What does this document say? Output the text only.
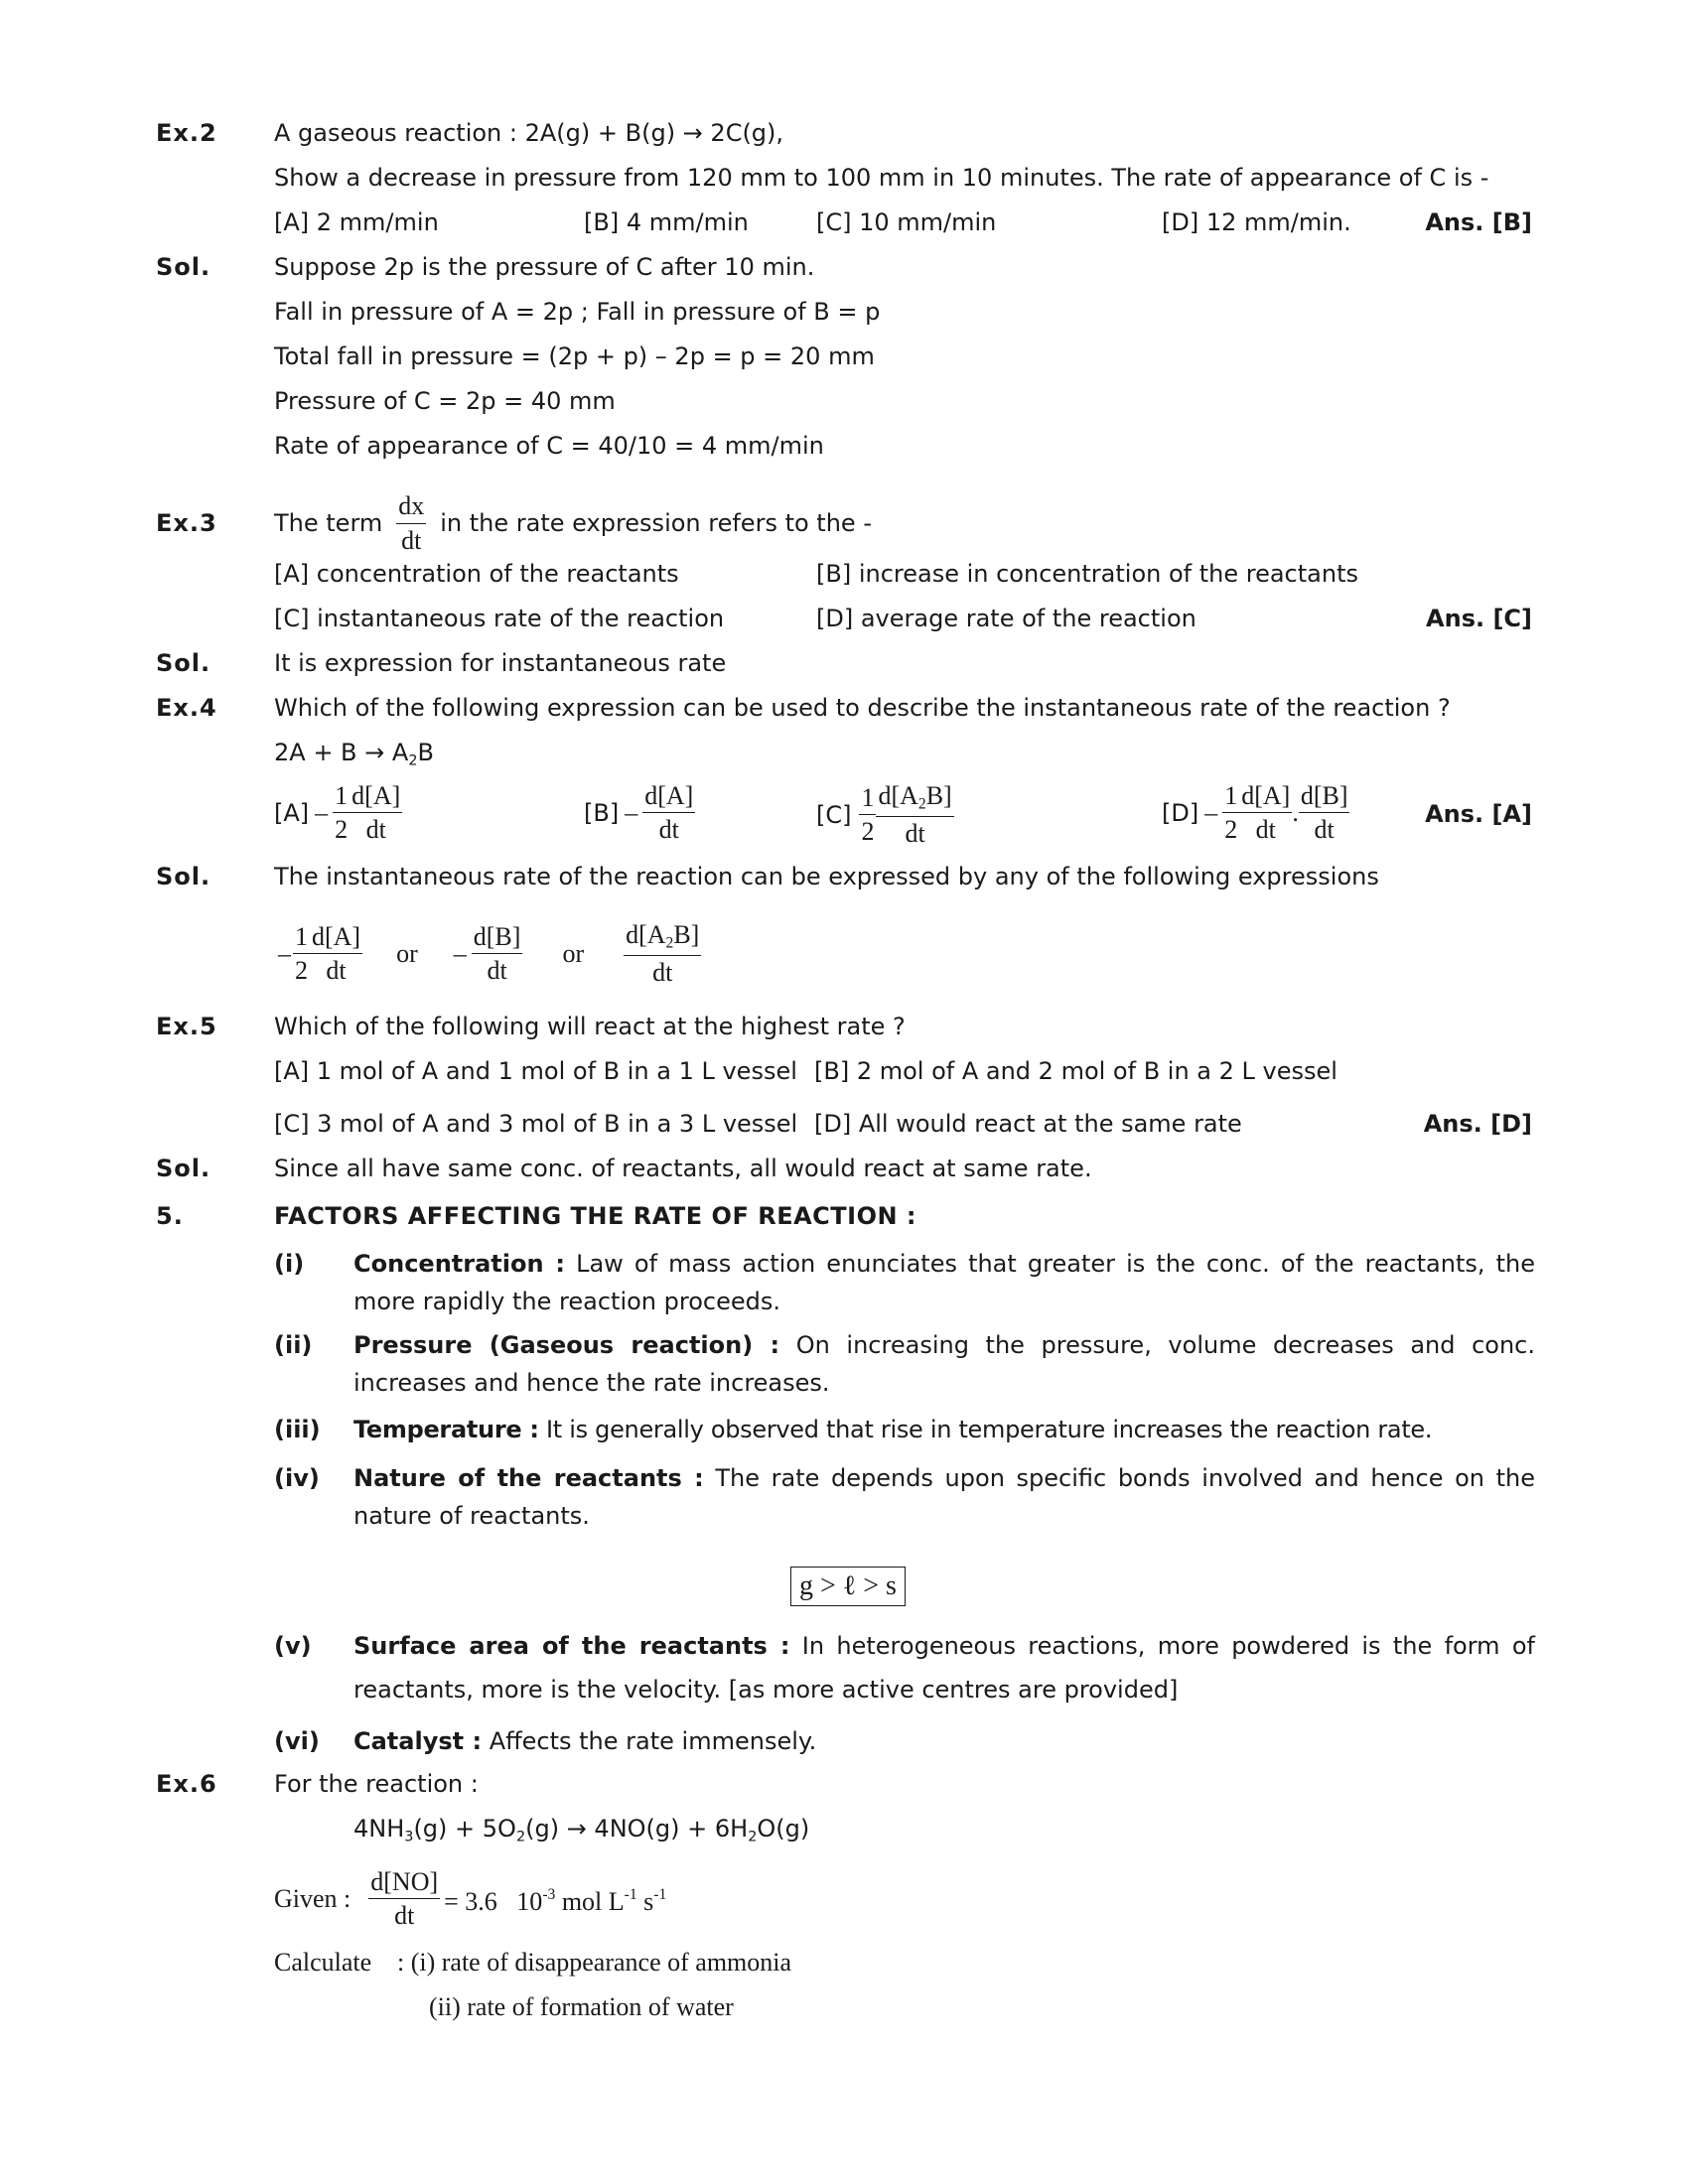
Ex.2 A gaseous reaction : 2A(g) + B(g) → 2C(g),
Show a decrease in pressure from 120 mm to 100 mm in 10 minutes. The rate of appearance of C is -
[A] 2 mm/min	[B] 4 mm/min	[C] 10 mm/min	[D] 12 mm/min.	Ans. [B]
Sol.	Suppose 2p is the pressure of C after 10 min.
Fall in pressure of A = 2p ; Fall in pressure of B = p
Total fall in pressure = (2p + p) – 2p = p = 20 mm
Pressure of C = 2p = 40 mm
Rate of appearance of C = 40/10 = 4 mm/min
Ex.3 The term $\frac{dx}{dt}$ in the rate expression refers to the -
[A] concentration of the reactants	[B] increase in concentration of the reactants
[C] instantaneous rate of the reaction	[D] average rate of the reaction	Ans. [C]
Sol.	It is expression for instantaneous rate
Ex.4 Which of the following expression can be used to describe the instantaneous rate of the reaction ?
$2A + B \to A_2B$
$[A] - \frac{1}{2} \frac{d[A]}{dt}$	$[B] - \frac{d[A]}{dt}$	$[C] \frac{1}{2} \frac{d[A_2B]}{dt}$	$[D] - \frac{1}{2} \frac{d[A]}{dt}$ . $\frac{d[B]}{dt}$	Ans. [A]
Sol.	The instantaneous rate of the reaction can be expressed by any of the following expressions
– $\frac{1}{2} \frac{d[A]}{dt}$ or – $\frac{d[B]}{dt}$ or $\frac{d[A_2B]}{dt}$
Ex.5 Which of the following will react at the highest rate ?
[A] 1 mol of A and 1 mol of B in a 1 L vessel [B] 2 mol of A and 2 mol of B in a 2 L vessel
[C] 3 mol of A and 3 mol of B in a 3 L vessel [D] All would react at the same rate	Ans. [D]
Sol.	Since all have same conc. of reactants, all would react at same rate.
5.	FACTORS AFFECTING THE RATE OF REACTION :
(i) Concentration : Law of mass action enunciates that greater is the conc. of the reactants, the more rapidly the reaction proceeds.
(ii) Pressure (Gaseous reaction) : On increasing the pressure, volume decreases and conc. increases and hence the rate increases.
(iii) Temperature : It is generally observed that rise in temperature increases the reaction rate.
(iv) Nature of the reactants : The rate depends upon specific bonds involved and hence on the nature of reactants.
g > ℓ > s
(v) Surface area of the reactants : In heterogeneous reactions, more powdered is the form of reactants, more is the velocity. [as more active centres are provided]
(vi) Catalyst : Affects the rate immensely.
Ex.6 For the reaction :
$4NH_3(g) + 5O_2(g) \to 4NO(g) + 6H_2O(g)$
Given : $\frac{d[NO]}{dt} = 3.6$   $10^{-3}$ mol $L^{-1}$ $s^{-1}$
Calculate : (i) rate of disappearance of ammonia
(ii) rate of formation of water
